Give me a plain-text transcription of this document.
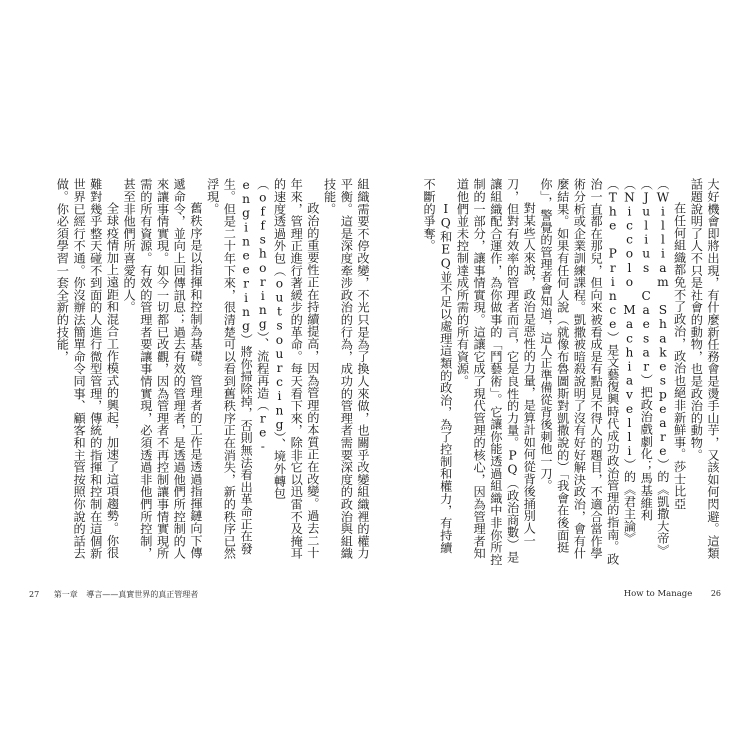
組織需要不停改變，不光只是為了換人來做，也關乎改變組織裡的權力平衡。這是深度牽涉政治的行為，成功的管理者需要深度的政治與組織技能。

政治的重要性正在持續提高，因為管理的本質正在改變。過去二十年來，管理正進行著緩步的革命。每天看下來，除非它以迅雷不及掩耳的速度透過外包（outsourcing）、境外轉包（offshoring）、流程再造（re-engineering）將你掃除掉，否則無法看出革命正在發生。但是二十年下來，很清楚可以看到舊秩序正在消失，新的秩序已然浮現。

舊秩序是以指揮和控制為基礎。管理者的工作是透過指揮鏈向下傳遞命令，並向上回傳訊息；過去有效的管理者，是透過他們所控制的人來讓事情實現。如今一切都已改觀，因為管理者不再控制讓事情實現所需的所有資源。有效的管理者要讓事情實現，必須透過非他們所控制，甚至非他們所喜愛的人。

全球疫情加上遠距和混合工作模式的興起，加速了這項趨勢。你很難對幾乎整天碰不到面的人進行微型管理，傳統的指揮和控制在這個新世界已經行不通。你沒辦法簡單命令同事、顧客和主管按照你說的話去做。你必須學習一套全新的技能，	大好機會即將出現，有什麼新任務會是燙手山芋，又該如何閃避。這類話題說明了人不只是社會的動物，也是政治的動物。

在任何組織都免不了政治，政治也絕非新鮮事。莎士比亞（William Shakespeare）的《凱撒大帝》（Julius Caesar）把政治戲劇化；馬基維利（Niccolo Machiavelli）的《君主論》（The Prince）是文藝復興時代成功政治管理的指南。政治一直都在那兒，但向來被看成是有點見不得人的題目，不適合當作學術分析或企業訓練課程。凱撒被暗殺說明了沒有好好解決政治，會有什麼結果。如果有任何人說（就像布魯圖斯對凱撒說的）「我會在後面挺你」，警覺的管理者會知道，這人正準備從背後刺他一刀。

對某些人來說，政治是惡性的力量，是算計如何從背後捅別人一刀，但對有效率的管理者而言，它是良性的力量。PQ（政治商數）是讓組織配合運作，為你做事的「鬥藝術」。它讓你能透過組織中非你所控制的一部分，讓事情實現。這讓它成了現代管理的核心，因為管理者知道他們並未控制達成所需的所有資源。

IQ和EQ並不足以處理這類的政治，為了控制和權力，有持續不斷的爭奪。

27 第一章 導言——真實世界的真正管理者	How to Manage 26
